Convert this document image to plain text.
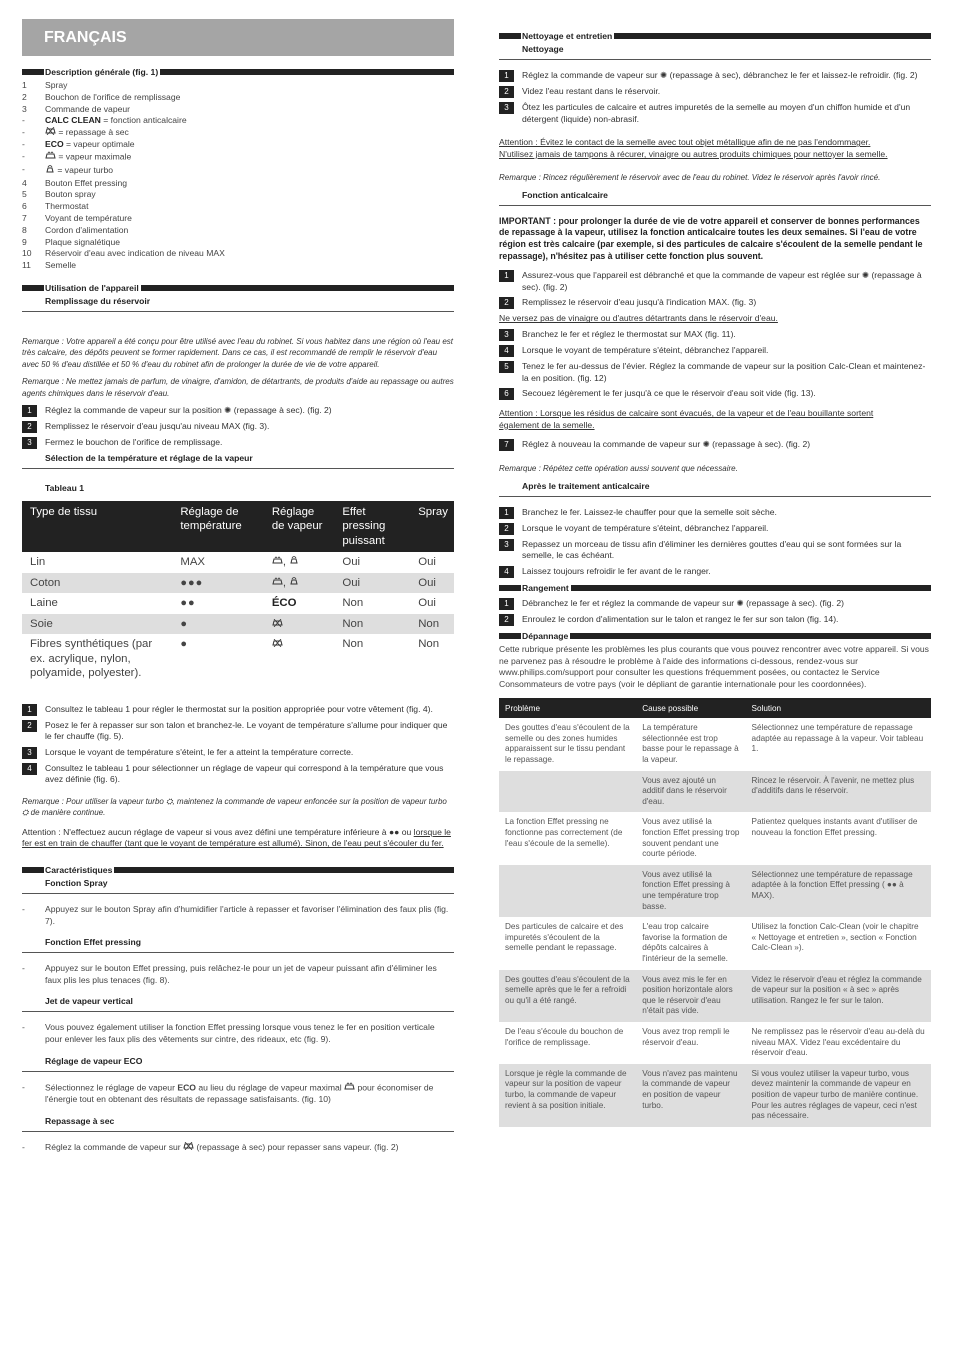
FRANÇAIS
Description générale (fig. 1)
1	Spray
2	Bouchon de l'orifice de remplissage
3	Commande de vapeur
-	CALC CLEAN = fonction anticalcaire
-	= repassage à sec
-	ECO = vapeur optimale
-	= vapeur maximale
-	= vapeur turbo
4	Bouton Effet pressing
5	Bouton spray
6	Thermostat
7	Voyant de température
8	Cordon d'alimentation
9	Plaque signalétique
10	Réservoir d'eau avec indication de niveau MAX
11	Semelle
Utilisation de l'appareil
Remplissage du réservoir
Remarque : Votre appareil a été conçu pour être utilisé avec l'eau du robinet. Si vous habitez dans une région où l'eau est très calcaire, des dépôts peuvent se former rapidement. Dans ce cas, il est recommandé de remplir le réservoir d'eau avec 50 % d'eau distillée et 50 % d'eau du robinet afin de prolonger la durée de vie de votre appareil.
Remarque : Ne mettez jamais de parfum, de vinaigre, d'amidon, de détartrants, de produits d'aide au repassage ou autres agents chimiques dans le réservoir d'eau.
1	Réglez la commande de vapeur sur la position ✺ (repassage à sec). (fig. 2)
2	Remplissez le réservoir d'eau jusqu'au niveau MAX (fig. 3).
3	Fermez le bouchon de l'orifice de remplissage.
Sélection de la température et réglage de la vapeur
Tableau 1
Type de tissu	Réglage de température	Réglage de vapeur	Effet pressing puissant	Spray
Lin	MAX	,	Oui	Oui
Coton	●●●	,	Oui	Oui
Laine	●●	ÉCO	Non	Oui
Soie	●		Non	Non
Fibres synthétiques (par ex. acrylique, nylon, polyamide, polyester).	●		Non	Non
1	Consultez le tableau 1 pour régler le thermostat sur la position appropriée pour votre vêtement (fig. 4).
2	Posez le fer à repasser sur son talon et branchez-le. Le voyant de température s'allume pour indiquer que le fer chauffe (fig. 5).
3	Lorsque le voyant de température s'éteint, le fer a atteint la température correcte.
4	Consultez le tableau 1 pour sélectionner un réglage de vapeur qui correspond à la température que vous avez définie (fig. 6).
Remarque : Pour utiliser la vapeur turbo ⛭, maintenez la commande de vapeur enfoncée sur la position de vapeur turbo ⛭ de manière continue.
Attention : N'effectuez aucun réglage de vapeur si vous avez défini une température inférieure à ●● ou lorsque le fer est en train de chauffer (tant que le voyant de température est allumé). Sinon, de l'eau peut s'écouler du fer.
Caractéristiques
Fonction Spray
-	Appuyez sur le bouton Spray afin d'humidifier l'article à repasser et favoriser l'élimination des faux plis (fig. 7).
Fonction Effet pressing
-	Appuyez sur le bouton Effet pressing, puis relâchez-le pour un jet de vapeur puissant afin d'éliminer les faux plis les plus tenaces (fig. 8).
Jet de vapeur vertical
-	Vous pouvez également utiliser la fonction Effet pressing lorsque vous tenez le fer en position verticale pour enlever les faux plis des vêtements sur cintre, des rideaux, etc (fig. 9).
Réglage de vapeur ECO
-	Sélectionnez le réglage de vapeur ECO au lieu du réglage de vapeur maximal  pour économiser de l'énergie tout en obtenant des résultats de repassage satisfaisants. (fig. 10)
Repassage à sec
-	Réglez la commande de vapeur sur  (repassage à sec) pour repasser sans vapeur. (fig. 2)
Nettoyage et entretien
Nettoyage
1	Réglez la commande de vapeur sur ✺ (repassage à sec), débranchez le fer et laissez-le refroidir. (fig. 2)
2	Videz l'eau restant dans le réservoir.
3	Ôtez les particules de calcaire et autres impuretés de la semelle au moyen d'un chiffon humide et d'un détergent (liquide) non-abrasif.
Attention : Évitez le contact de la semelle avec tout objet métallique afin de ne pas l'endommager.
N'utilisez jamais de tampons à récurer, vinaigre ou autres produits chimiques pour nettoyer la semelle.
Remarque : Rincez régulièrement le réservoir avec de l'eau du robinet. Videz le réservoir après l'avoir rincé.
Fonction anticalcaire
IMPORTANT : pour prolonger la durée de vie de votre appareil et conserver de bonnes performances de repassage à la vapeur, utilisez la fonction anticalcaire toutes les deux semaines. Si l'eau de votre région est très calcaire (par exemple, si des particules de calcaire s'écoulent de la semelle pendant le repassage), n'hésitez pas à utiliser cette fonction plus souvent.
1	Assurez-vous que l'appareil est débranché et que la commande de vapeur est réglée sur ✺ (repassage à sec). (fig. 2)
2	Remplissez le réservoir d'eau jusqu'à l'indication MAX. (fig. 3)
Ne versez pas de vinaigre ou d'autres détartrants dans le réservoir d'eau.
3	Branchez le fer et réglez le thermostat sur MAX (fig. 11).
4	Lorsque le voyant de température s'éteint, débranchez l'appareil.
5	Tenez le fer au-dessus de l'évier. Réglez la commande de vapeur sur la position Calc-Clean et maintenez-la en position. (fig. 12)
6	Secouez légèrement le fer jusqu'à ce que le réservoir d'eau soit vide (fig. 13).
Attention : Lorsque les résidus de calcaire sont évacués, de la vapeur et de l'eau bouillante sortent
également de la semelle.
7	Réglez à nouveau la commande de vapeur sur ✺ (repassage à sec). (fig. 2)
Remarque : Répétez cette opération aussi souvent que nécessaire.
Après le traitement anticalcaire
1	Branchez le fer. Laissez-le chauffer pour que la semelle soit sèche.
2	Lorsque le voyant de température s'éteint, débranchez l'appareil.
3	Repassez un morceau de tissu afin d'éliminer les dernières gouttes d'eau qui se sont formées sur la semelle, le cas échéant.
4	Laissez toujours refroidir le fer avant de le ranger.
Rangement
1	Débranchez le fer et réglez la commande de vapeur sur ✺ (repassage à sec). (fig. 2)
2	Enroulez le cordon d'alimentation sur le talon et rangez le fer sur son talon (fig. 14).
Dépannage
Cette rubrique présente les problèmes les plus courants que vous pouvez rencontrer avec votre appareil. Si vous ne parvenez pas à résoudre le problème à l'aide des informations ci-dessous, rendez-vous sur www.philips.com/support pour consulter les questions fréquemment posées, ou contactez le Service Consommateurs de votre pays (voir le dépliant de garantie internationale pour les coordonnées).
Problème	Cause possible	Solution
Des gouttes d'eau s'écoulent de la semelle ou des zones humides apparaissent sur le tissu pendant le repassage.	La température sélectionnée est trop basse pour le repassage à la vapeur.	Sélectionnez une température de repassage adaptée au repassage à la vapeur. Voir tableau 1.
	Vous avez ajouté un additif dans le réservoir d'eau.	Rincez le réservoir. À l'avenir, ne mettez plus d'additifs dans le réservoir.
La fonction Effet pressing ne fonctionne pas correctement (de l'eau s'écoule de la semelle).	Vous avez utilisé la fonction Effet pressing trop souvent pendant une courte période.	Patientez quelques instants avant d'utiliser de nouveau la fonction Effet pressing.
	Vous avez utilisé la fonction Effet pressing à une température trop basse.	Sélectionnez une température de repassage adaptée à la fonction Effet pressing ( ●● à MAX).
Des particules de calcaire et des impuretés s'écoulent de la semelle pendant le repassage.	L'eau trop calcaire favorise la formation de dépôts calcaires à l'intérieur de la semelle.	Utilisez la fonction Calc-Clean (voir le chapitre « Nettoyage et entretien », section « Fonction Calc-Clean »).
Des gouttes d'eau s'écoulent de la semelle après que le fer a refroidi ou qu'il a été rangé.	Vous avez mis le fer en position horizontale alors que le réservoir d'eau n'était pas vide.	Videz le réservoir d'eau et réglez la commande de vapeur sur la position « à sec » après utilisation. Rangez le fer sur le talon.
De l'eau s'écoule du bouchon de l'orifice de remplissage.	Vous avez trop rempli le réservoir d'eau.	Ne remplissez pas le réservoir d'eau au-delà du niveau MAX. Videz l'eau excédentaire du réservoir d'eau.
Lorsque je règle la commande de vapeur sur la position de vapeur turbo, la commande de vapeur revient à sa position initiale.	Vous n'avez pas maintenu la commande de vapeur en position de vapeur turbo.	Si vous voulez utiliser la vapeur turbo, vous devez maintenir la commande de vapeur en position de vapeur turbo de manière continue. Pour les autres réglages de vapeur, ceci n'est pas nécessaire.
